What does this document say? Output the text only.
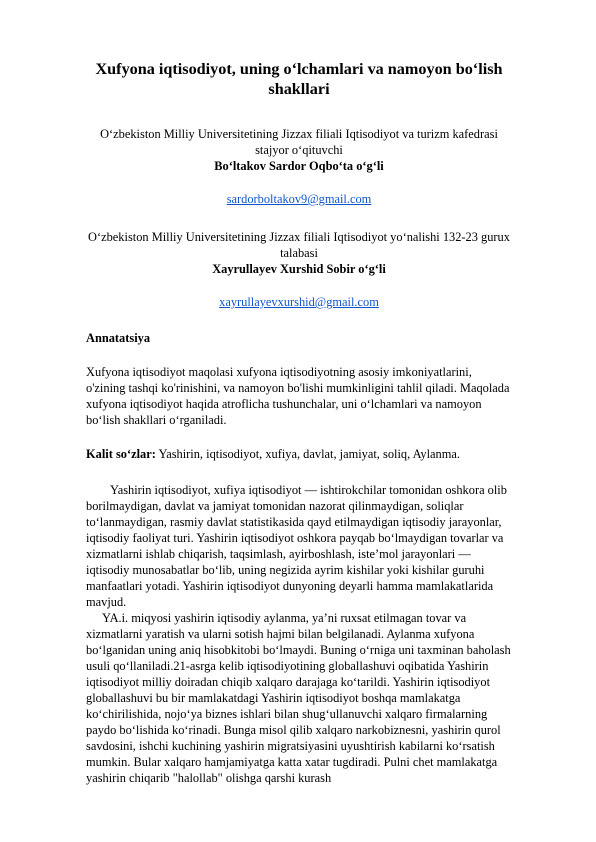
Xufyona iqtisodiyot, uning o‘lchamlari va namoyon bo‘lish shakllari
O‘zbekiston Milliy Universitetining Jizzax filiali Iqtisodiyot va turizm kafedrasi stajyor o‘qituvchi
Bo‘ltakov Sardor Oqbo‘ta o‘g‘li
sardorboltakov9@gmail.com
O‘zbekiston Milliy Universitetining Jizzax filiali Iqtisodiyot yo‘nalishi 132-23 gurux talabasi
Xayrullayev Xurshid Sobir o‘g‘li
xayrullayevxurshid@gmail.com
Annatatsiya

Xufyona iqtisodiyot maqolasi xufyona iqtisodiyotning asosiy imkoniyatlarini, o'zining tashqi ko'rinishini, va namoyon bo'lishi mumkinligini tahlil qiladi. Maqolada xufyona iqtisodiyot haqida atroflicha tushunchalar, uni o‘lchamlari va namoyon bo‘lish shakllari o‘rganiladi.

Kalit so‘zlar: Yashirin, iqtisodiyot, xufiya, davlat, jamiyat, soliq, Aylanma.

Yashirin iqtisodiyot, xufiya iqtisodiyot — ishtirokchilar tomonidan oshkora olib borilmaydigan, davlat va jamiyat tomonidan nazorat qilinmaydigan, soliqlar to‘lanmaydigan, rasmiy davlat statistikasida qayd etilmaydigan iqtisodiy jarayonlar, iqtisodiy faoliyat turi. Yashirin iqtisodiyot oshkora payqab bo‘lmaydigan tovarlar va xizmatlarni ishlab chiqarish, taqsimlash, ayirboshlash, iste’mol jarayonlari — iqtisodiy munosabatlar bo‘lib, uning negizida ayrim kishilar yoki kishilar guruhi manfaatlari yotadi. Yashirin iqtisodiyot dunyoning deyarli hamma mamlakatlarida mavjud.

YA.i. miqyosi yashirin iqtisodiy aylanma, ya’ni ruxsat etilmagan tovar va xizmatlarni yaratish va ularni sotish hajmi bilan belgilanadi. Aylanma xufyona bo‘lganidan uning aniq hisobkitobi bo‘lmaydi. Buning o‘rniga uni taxminan baholash usuli qo‘llaniladi.21-asrga kelib iqtisodiyotining globallashuvi oqibatida Yashirin iqtisodiyot milliy doiradan chiqib xalqaro darajaga ko‘tarildi. Yashirin iqtisodiyot globallashuvi bu bir mamlakatdagi Yashirin iqtisodiyot boshqa mamlakatga ko‘chirilishida, nojo‘ya biznes ishlari bilan shug‘ullanuvchi xalqaro firmalarning paydo bo‘lishida ko‘rinadi. Bunga misol qilib xalqaro narkobiznesni, yashirin qurol savdosini, ishchi kuchining yashirin migratsiyasini uyushtirish kabilarni ko‘rsatish mumkin. Bular xalqaro hamjamiyatga katta xatar tugdiradi. Pulni chet mamlakatga yashirin chiqarib "halollab" olishga qarshi kurash
